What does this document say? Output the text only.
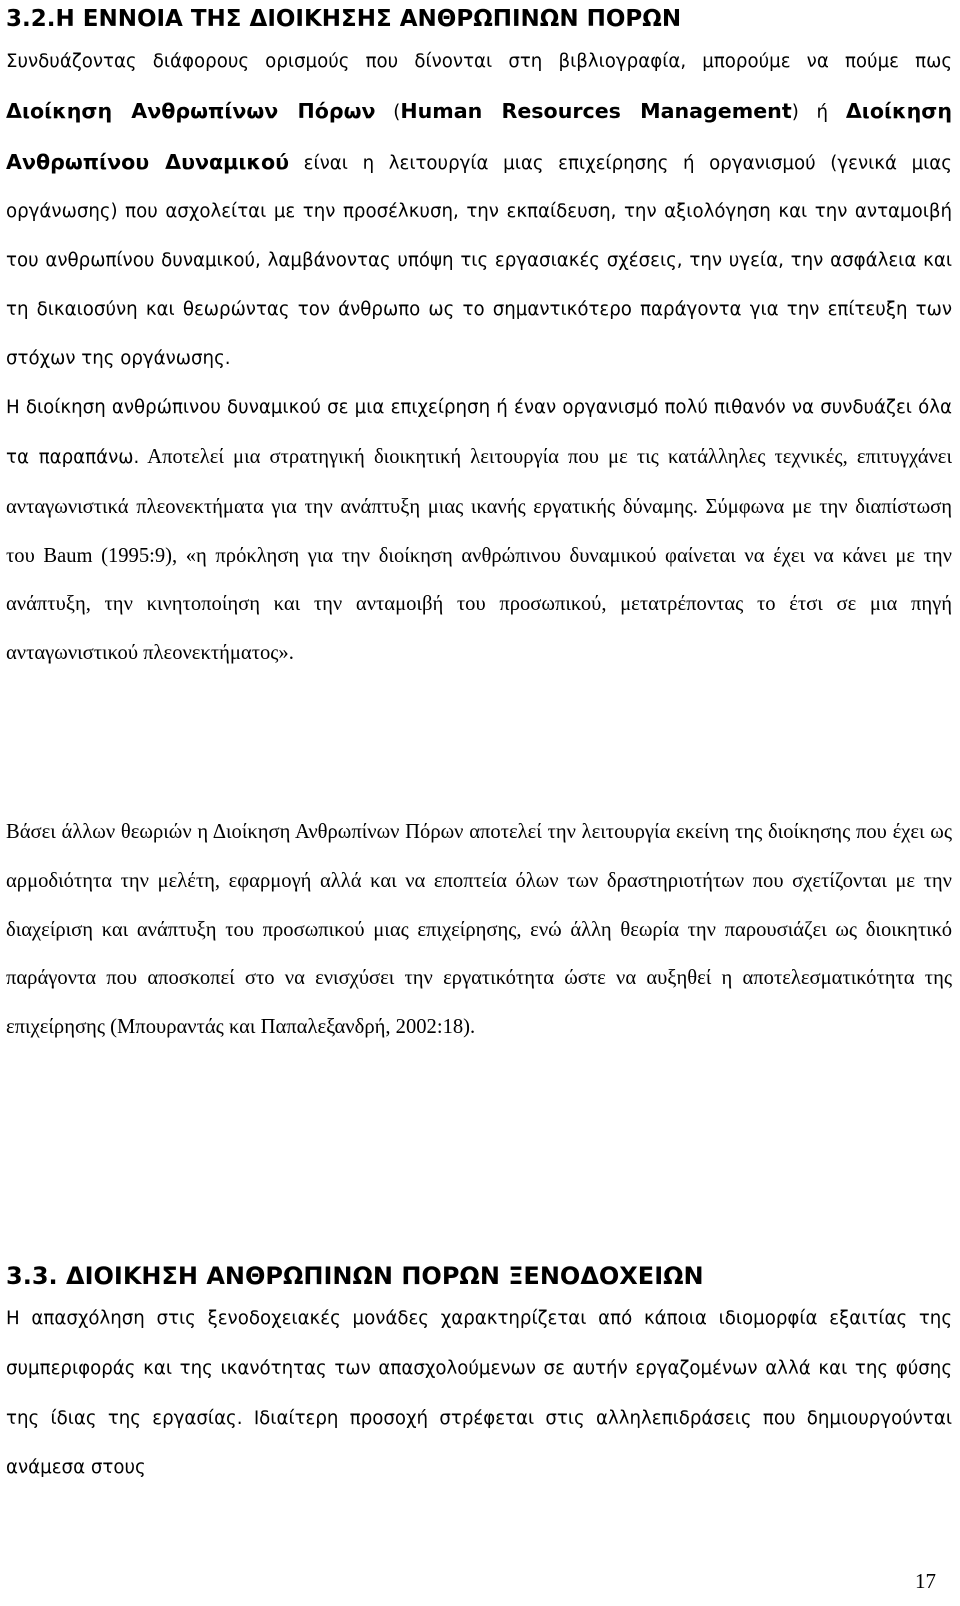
3.2.Η ΕΝΝΟΙΑ ΤΗΣ ΔΙΟΙΚΗΣΗΣ ΑΝΘΡΩΠΙΝΩΝ ΠΟΡΩΝ

Συνδυάζοντας διάφορους ορισμούς που δίνονται στη βιβλιογραφία, μπορούμε να πούμε πως Διοίκηση Ανθρωπίνων Πόρων (Human Resources Management) ή Διοίκηση Ανθρωπίνου Δυναμικού είναι η λειτουργία μιας επιχείρησης ή οργανισμού (γενικά μιας οργάνωσης) που ασχολείται με την προσέλκυση, την εκπαίδευση, την αξιολόγηση και την ανταμοιβή του ανθρωπίνου δυναμικού, λαμβάνοντας υπόψη τις εργασιακές σχέσεις, την υγεία, την ασφάλεια και τη δικαιοσύνη και θεωρώντας τον άνθρωπο ως το σημαντικότερο παράγοντα για την επίτευξη των στόχων της οργάνωσης.

Η διοίκηση ανθρώπινου δυναμικού σε μια επιχείρηση ή έναν οργανισμό πολύ πιθανόν να συνδυάζει όλα τα παραπάνω. Αποτελεί μια στρατηγική διοικητική λειτουργία που με τις κατάλληλες τεχνικές, επιτυγχάνει ανταγωνιστικά πλεονεκτήματα για την ανάπτυξη μιας ικανής εργατικής δύναμης. Σύμφωνα με την διαπίστωση του Baum (1995:9), «η πρόκληση για την διοίκηση ανθρώπινου δυναμικού φαίνεται να έχει να κάνει με την ανάπτυξη, την κινητοποίηση και την ανταμοιβή του προσωπικού, μετατρέποντας το έτσι σε μια πηγή ανταγωνιστικού πλεονεκτήματος».

Βάσει άλλων θεωριών η Διοίκηση Ανθρωπίνων Πόρων αποτελεί την λειτουργία εκείνη της διοίκησης που έχει ως αρμοδιότητα την μελέτη, εφαρμογή αλλά και να εποπτεία όλων των δραστηριοτήτων που σχετίζονται με την διαχείριση και ανάπτυξη του προσωπικού μιας επιχείρησης, ενώ άλλη θεωρία την παρουσιάζει ως διοικητικό παράγοντα που αποσκοπεί στο να ενισχύσει την εργατικότητα ώστε να αυξηθεί η αποτελεσματικότητα της επιχείρησης (Μπουραντάς και Παπαλεξανδρή, 2002:18).

3.3. ΔΙΟΙΚΗΣΗ ΑΝΘΡΩΠΙΝΩΝ ΠΟΡΩΝ ΞΕΝΟΔΟΧΕΙΩΝ

Η απασχόληση στις ξενοδοχειακές μονάδες χαρακτηρίζεται από κάποια ιδιομορφία εξαιτίας της συμπεριφοράς και της ικανότητας των απασχολούμενων σε αυτήν εργαζομένων αλλά και της φύσης της ίδιας της εργασίας. Ιδιαίτερη προσοχή στρέφεται στις αλληλεπιδράσεις που δημιουργούνται ανάμεσα στους

17
